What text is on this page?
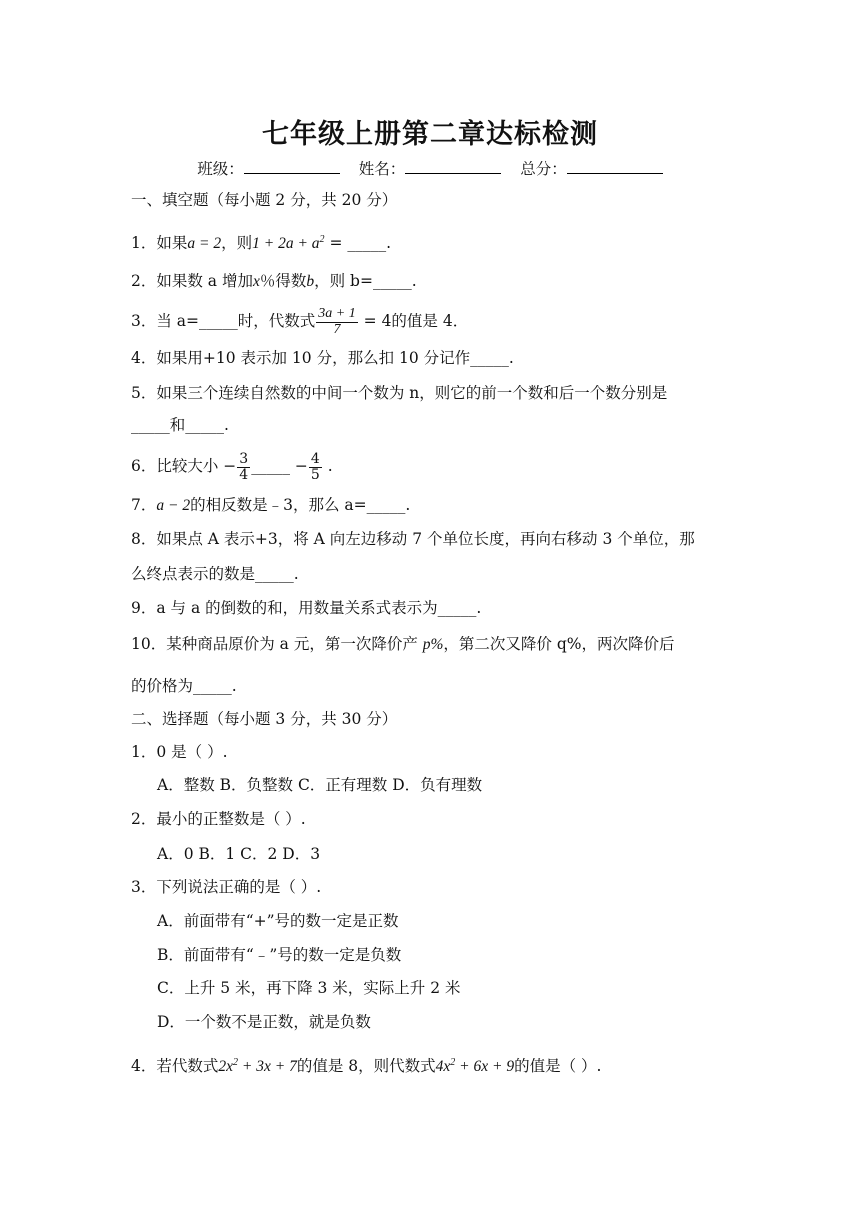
七年级上册第二章达标检测
班级：	姓名：	总分：
一、填空题（每小题 2 分，共 20 分）
1．如果a = 2，则$1 + 2a + a^2$ = _____.
2．如果数 a 增加x％得数b，则 b=_____.
3．当 a=_____时，代数式 $\frac{3a + 1}{7} = 4$的值是 4．
4．如果用+10 表示加 10 分，那么扣 10 分记作_____.
5．如果三个连续自然数的中间一个数为 n，则它的前一个数和后一个数分别是
_____和_____.
6．比较大小 − $\frac{3}{4}$ _____ − $\frac{4}{5}$ .
7．a − 2的相反数是﹣3，那么 a=_____.
8．如果点 A 表示+3，将 A 向左边移动 7 个单位长度，再向右移动 3 个单位，那
么终点表示的数是_____.
9．a 与 a 的倒数的和，用数量关系式表示为_____.
10．某种商品原价为 a 元，第一次降价产 p%，第二次又降价 q%，两次降价后
的价格为_____.
二、选择题（每小题 3 分，共 30 分）
1．0 是（ ）.
A．整数 B．负整数 C．正有理数 D．负有理数
2．最小的正整数是（ ）.
A．0 B．1 C．2 D．3
3．下列说法正确的是（ ）.
A．前面带有“+”号的数一定是正数
B．前面带有“﹣”号的数一定是负数
C．上升 5 米，再下降 3 米，实际上升 2 米
D．一个数不是正数，就是负数
4．若代数式$2x^2 + 3x + 7$的值是 8，则代数式$4x^2 + 6x + 9$的值是（ ）.
